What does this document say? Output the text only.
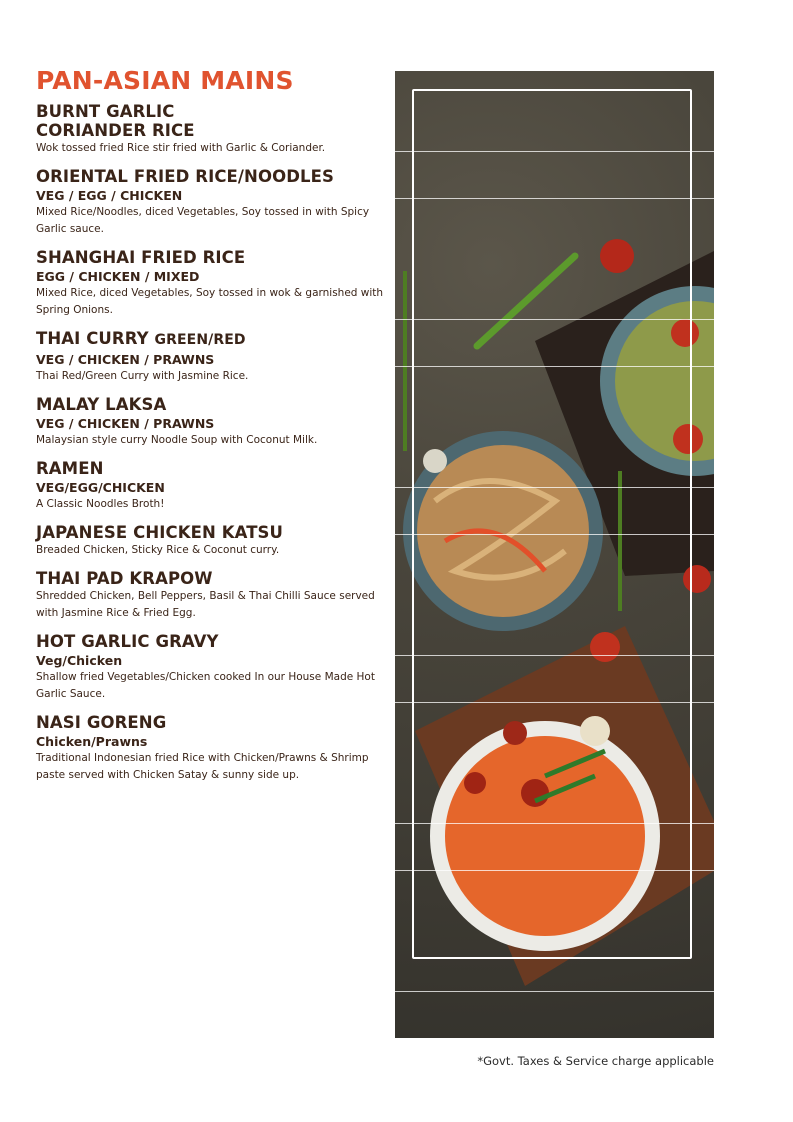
PAN-ASIAN MAINS
BURNT GARLIC CORIANDER RICE
Wok tossed fried Rice stir fried with Garlic & Coriander.
ORIENTAL FRIED RICE/NOODLES
VEG / EGG / CHICKEN
Mixed Rice/Noodles, diced Vegetables, Soy tossed in with Spicy Garlic sauce.
SHANGHAI FRIED RICE
EGG / CHICKEN / MIXED
Mixed Rice, diced Vegetables, Soy tossed in wok & garnished with Spring Onions.
THAI CURRY GREEN/RED
VEG / CHICKEN / PRAWNS
Thai Red/Green Curry with Jasmine Rice.
MALAY LAKSA
VEG / CHICKEN / PRAWNS
Malaysian style curry Noodle Soup with Coconut Milk.
RAMEN
VEG/EGG/CHICKEN
A Classic Noodles Broth!
JAPANESE CHICKEN KATSU
Breaded Chicken, Sticky Rice & Coconut curry.
THAI PAD KRAPOW
Shredded Chicken, Bell Peppers, Basil & Thai Chilli Sauce served with Jasmine Rice & Fried Egg.
HOT GARLIC GRAVY
Veg/Chicken
Shallow fried Vegetables/Chicken cooked In our House Made Hot Garlic Sauce.
NASI GORENG
Chicken/Prawns
Traditional Indonesian fried Rice with Chicken/Prawns & Shrimp paste served with Chicken Satay & sunny side up.
*Govt. Taxes & Service charge applicable
